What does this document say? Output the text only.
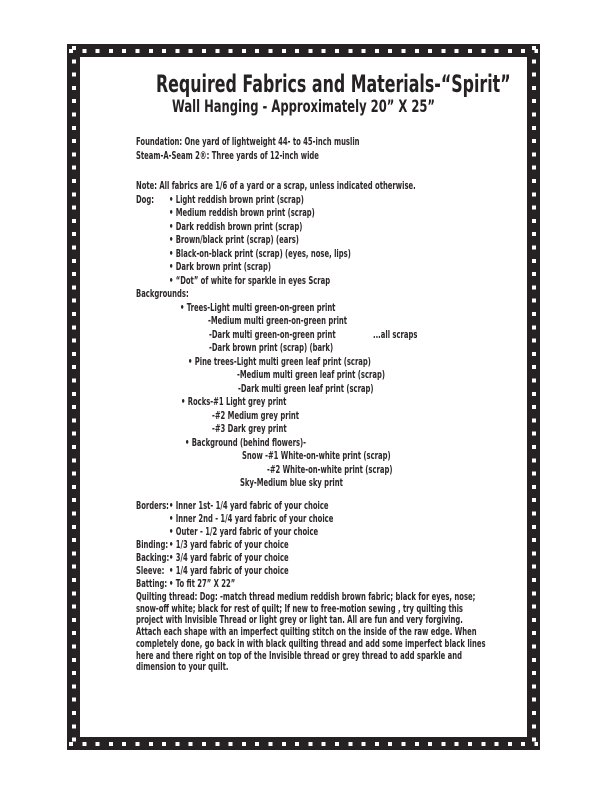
Required Fabrics and Materials-“Spirit”
Wall Hanging - Approximately 20” X 25”
Foundation: One yard of lightweight 44- to 45-inch muslin
Steam-A-Seam 2®: Three yards of 12-inch wide
Note: All fabrics are 1/6 of a yard or a scrap, unless indicated otherwise.
Dog: • Light reddish brown print (scrap)
• Medium reddish brown print (scrap)
• Dark reddish brown print (scrap)
• Brown/black print (scrap) (ears)
• Black-on-black print (scrap) (eyes, nose, lips)
• Dark brown print (scrap)
• “Dot” of white for sparkle in eyes Scrap
Backgrounds:
• Trees-Light multi green-on-green print
-Medium multi green-on-green print
-Dark multi green-on-green print	...all scraps
-Dark brown print (scrap) (bark)
• Pine trees-Light multi green leaf print (scrap)
-Medium multi green leaf print (scrap)
-Dark multi green leaf print (scrap)
• Rocks-#1 Light grey print
-#2 Medium grey print
-#3 Dark grey print
• Background (behind flowers)-
Snow -#1 White-on-white print (scrap)
-#2 White-on-white print (scrap)
Sky-Medium blue sky print
Borders: • Inner 1st- 1/4 yard fabric of your choice
• Inner 2nd - 1/4 yard fabric of your choice
• Outer - 1/2 yard fabric of your choice
Binding: • 1/3 yard fabric of your choice
Backing: • 3/4 yard fabric of your choice
Sleeve: • 1/4 yard fabric of your choice
Batting: • To fit 27” X 22”
Quilting thread: Dog: -match thread medium reddish brown fabric; black for eyes, nose; snow-off white; black for rest of quilt; If new to free-motion sewing , try quilting this project with Invisible Thread or light grey or light tan. All are fun and very forgiving. Attach each shape with an imperfect quilting stitch on the inside of the raw edge. When completely done, go back in with black quilting thread and add some imperfect black lines here and there right on top of the Invisible thread or grey thread to add sparkle and dimension to your quilt.
